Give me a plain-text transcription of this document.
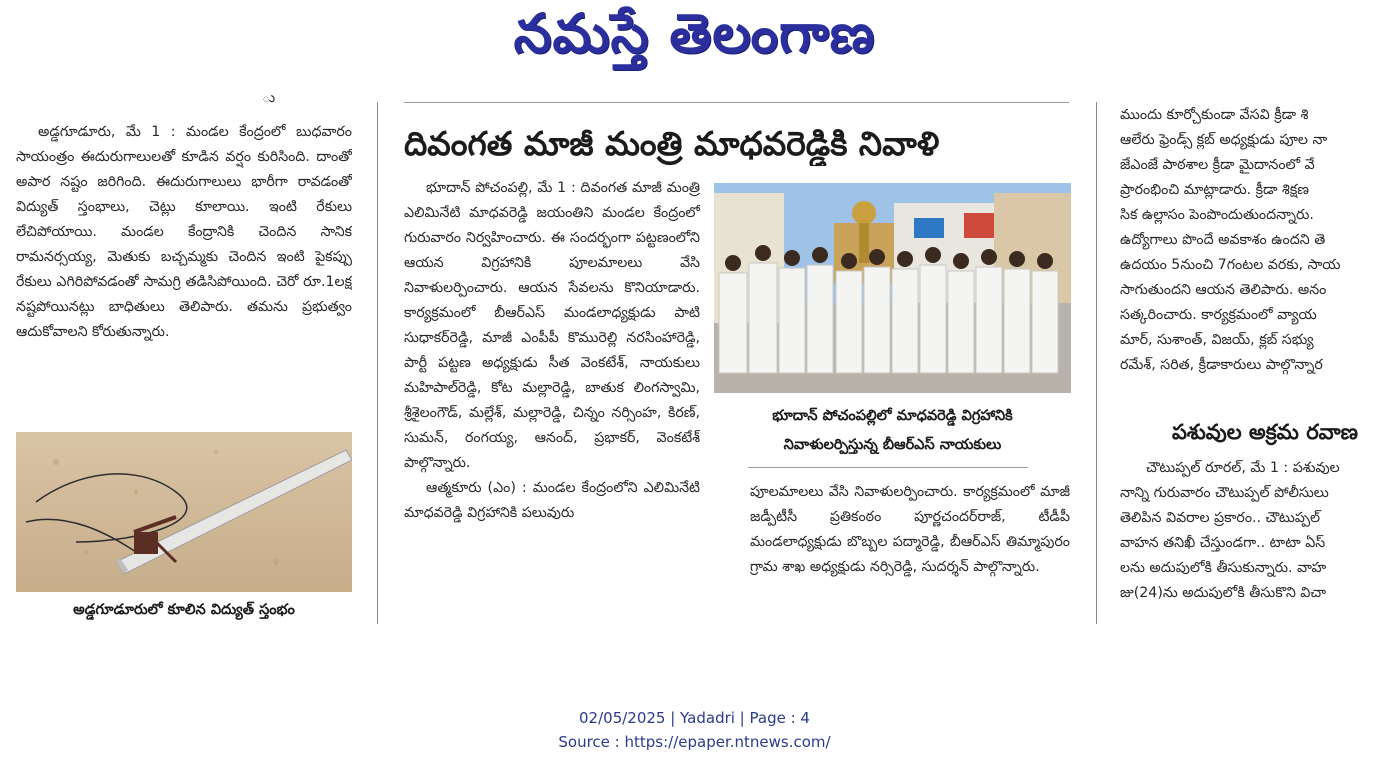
నమస్తే తెలంగాణ
ు

అడ్డగూడూరు, మే 1 : మండల కేంద్రంలో బుధవారం సాయంత్రం ఈదురుగాలులతో కూడిన వర్షం కురిసింది. దాంతో అపార నష్టం జరిగింది. ఈదురుగాలులు భారీగా రావడంతో విద్యుత్ స్తంభాలు, చెట్లు కూలాయి. ఇంటి రేకులు లేచిపోయాయి. మండల కేంద్రానికి చెందిన సానిక రామనర్సయ్య, మెతుకు బచ్చమ్మకు చెందిన ఇంటి పైకప్పు రేకులు ఎగిరిపోవడంతో సామగ్రి తడిసిపోయింది. చెరో రూ.1లక్ష నష్టపోయినట్లు బాధితులు తెలిపారు. తమను ప్రభుత్వం ఆదుకోవాలని కోరుతున్నారు.

అడ్డగూడూరులో కూలిన విద్యుత్ స్తంభం
దివంగత మాజీ మంత్రి మాధవరెడ్డికి నివాళి

భూదాన్ పోచంపల్లి, మే 1 : దివంగత మాజీ మంత్రి ఎలిమినేటి మాధవరెడ్డి జయంతిని మండల కేంద్రంలో గురువారం నిర్వహించారు. ఈ సందర్భంగా పట్టణంలోని ఆయన విగ్రహానికి పూలమాలలు వేసి నివాళులర్పించారు. ఆయన సేవలను కొనియాడారు. కార్యక్రమంలో బీఆర్ఎస్ మండలాధ్యక్షుడు పాటి సుధాకర్‌రెడ్డి, మాజీ ఎంపీపీ కొమురెల్లి నరసింహారెడ్డి, పార్టీ పట్టణ అధ్యక్షుడు సీత వెంకటేశ్, నాయకులు మహిపాల్‌రెడ్డి, కోట మల్లారెడ్డి, బాతుక లింగస్వామి, శ్రీశైలంగౌడ్, మల్లేశ్, మల్లారెడ్డి, చిన్నం నర్సింహ, కిరణ్, సుమన్, రంగయ్య, ఆనంద్, ప్రభాకర్, వెంకటేశ్ పాల్గొన్నారు.

ఆత్మకూరు (ఎం) : మండల కేంద్రంలోని ఎలిమినేటి మాధవరెడ్డి విగ్రహానికి పలువురు

భూదాన్ పోచంపల్లిలో మాధవరెడ్డి విగ్రహానికి
నివాళులర్పిస్తున్న బీఆర్ఎస్ నాయకులు

పూలమాలలు వేసి నివాళులర్పించారు. కార్యక్రమంలో మాజీ జడ్పీటీసీ ప్రతికంఠం పూర్ణచందర్‌రాజ్, టీడీపీ మండలాధ్యక్షుడు బొబ్బల పద్మారెడ్డి, బీఆర్ఎస్ తిమ్మాపురం గ్రామ శాఖ అధ్యక్షుడు నర్సిరెడ్డి, సుదర్శన్ పాల్గొన్నారు.

ముందు కూర్చోకుండా వేసవి క్రీడా శి
ఆలేరు ఫ్రెండ్స్ క్లబ్ అధ్యక్షుడు పూల నా
జేఎంజే పాఠశాల క్రీడా మైదానంలో వే
ప్రారంభించి మాట్లాడారు. క్రీడా శిక్షణ
సిక ఉల్లాసం పెంపొందుతుందన్నారు.
ఉద్యోగాలు పొందే అవకాశం ఉందని తె
ఉదయం 5నుంచి 7గంటల వరకు, సాయ
సాగుతుందని ఆయన తెలిపారు. అనం
సత్కరించారు. కార్యక్రమంలో వ్యాయ
మార్, సుశాంత్, విజయ్, క్లబ్ సభ్యు
రమేశ్, సరిత, క్రీడాకారులు పాల్గొన్నార
పశువుల అక్రమ రవాణ
చౌటుప్పల్ రూరల్, మే 1 : పశువుల
నాన్ని గురువారం చౌటుప్పల్ పోలీసులు
తెలిపిన వివరాల ప్రకారం.. చౌటుప్పల్
వాహన తనిఖీ చేస్తుండగా.. టాటా ఏస్
లను అదుపులోకి తీసుకున్నారు. వాహ
జు(24)ను అదుపులోకి తీసుకొని విచా
02/05/2025 | Yadadri | Page : 4
Source : https://epaper.ntnews.com/
